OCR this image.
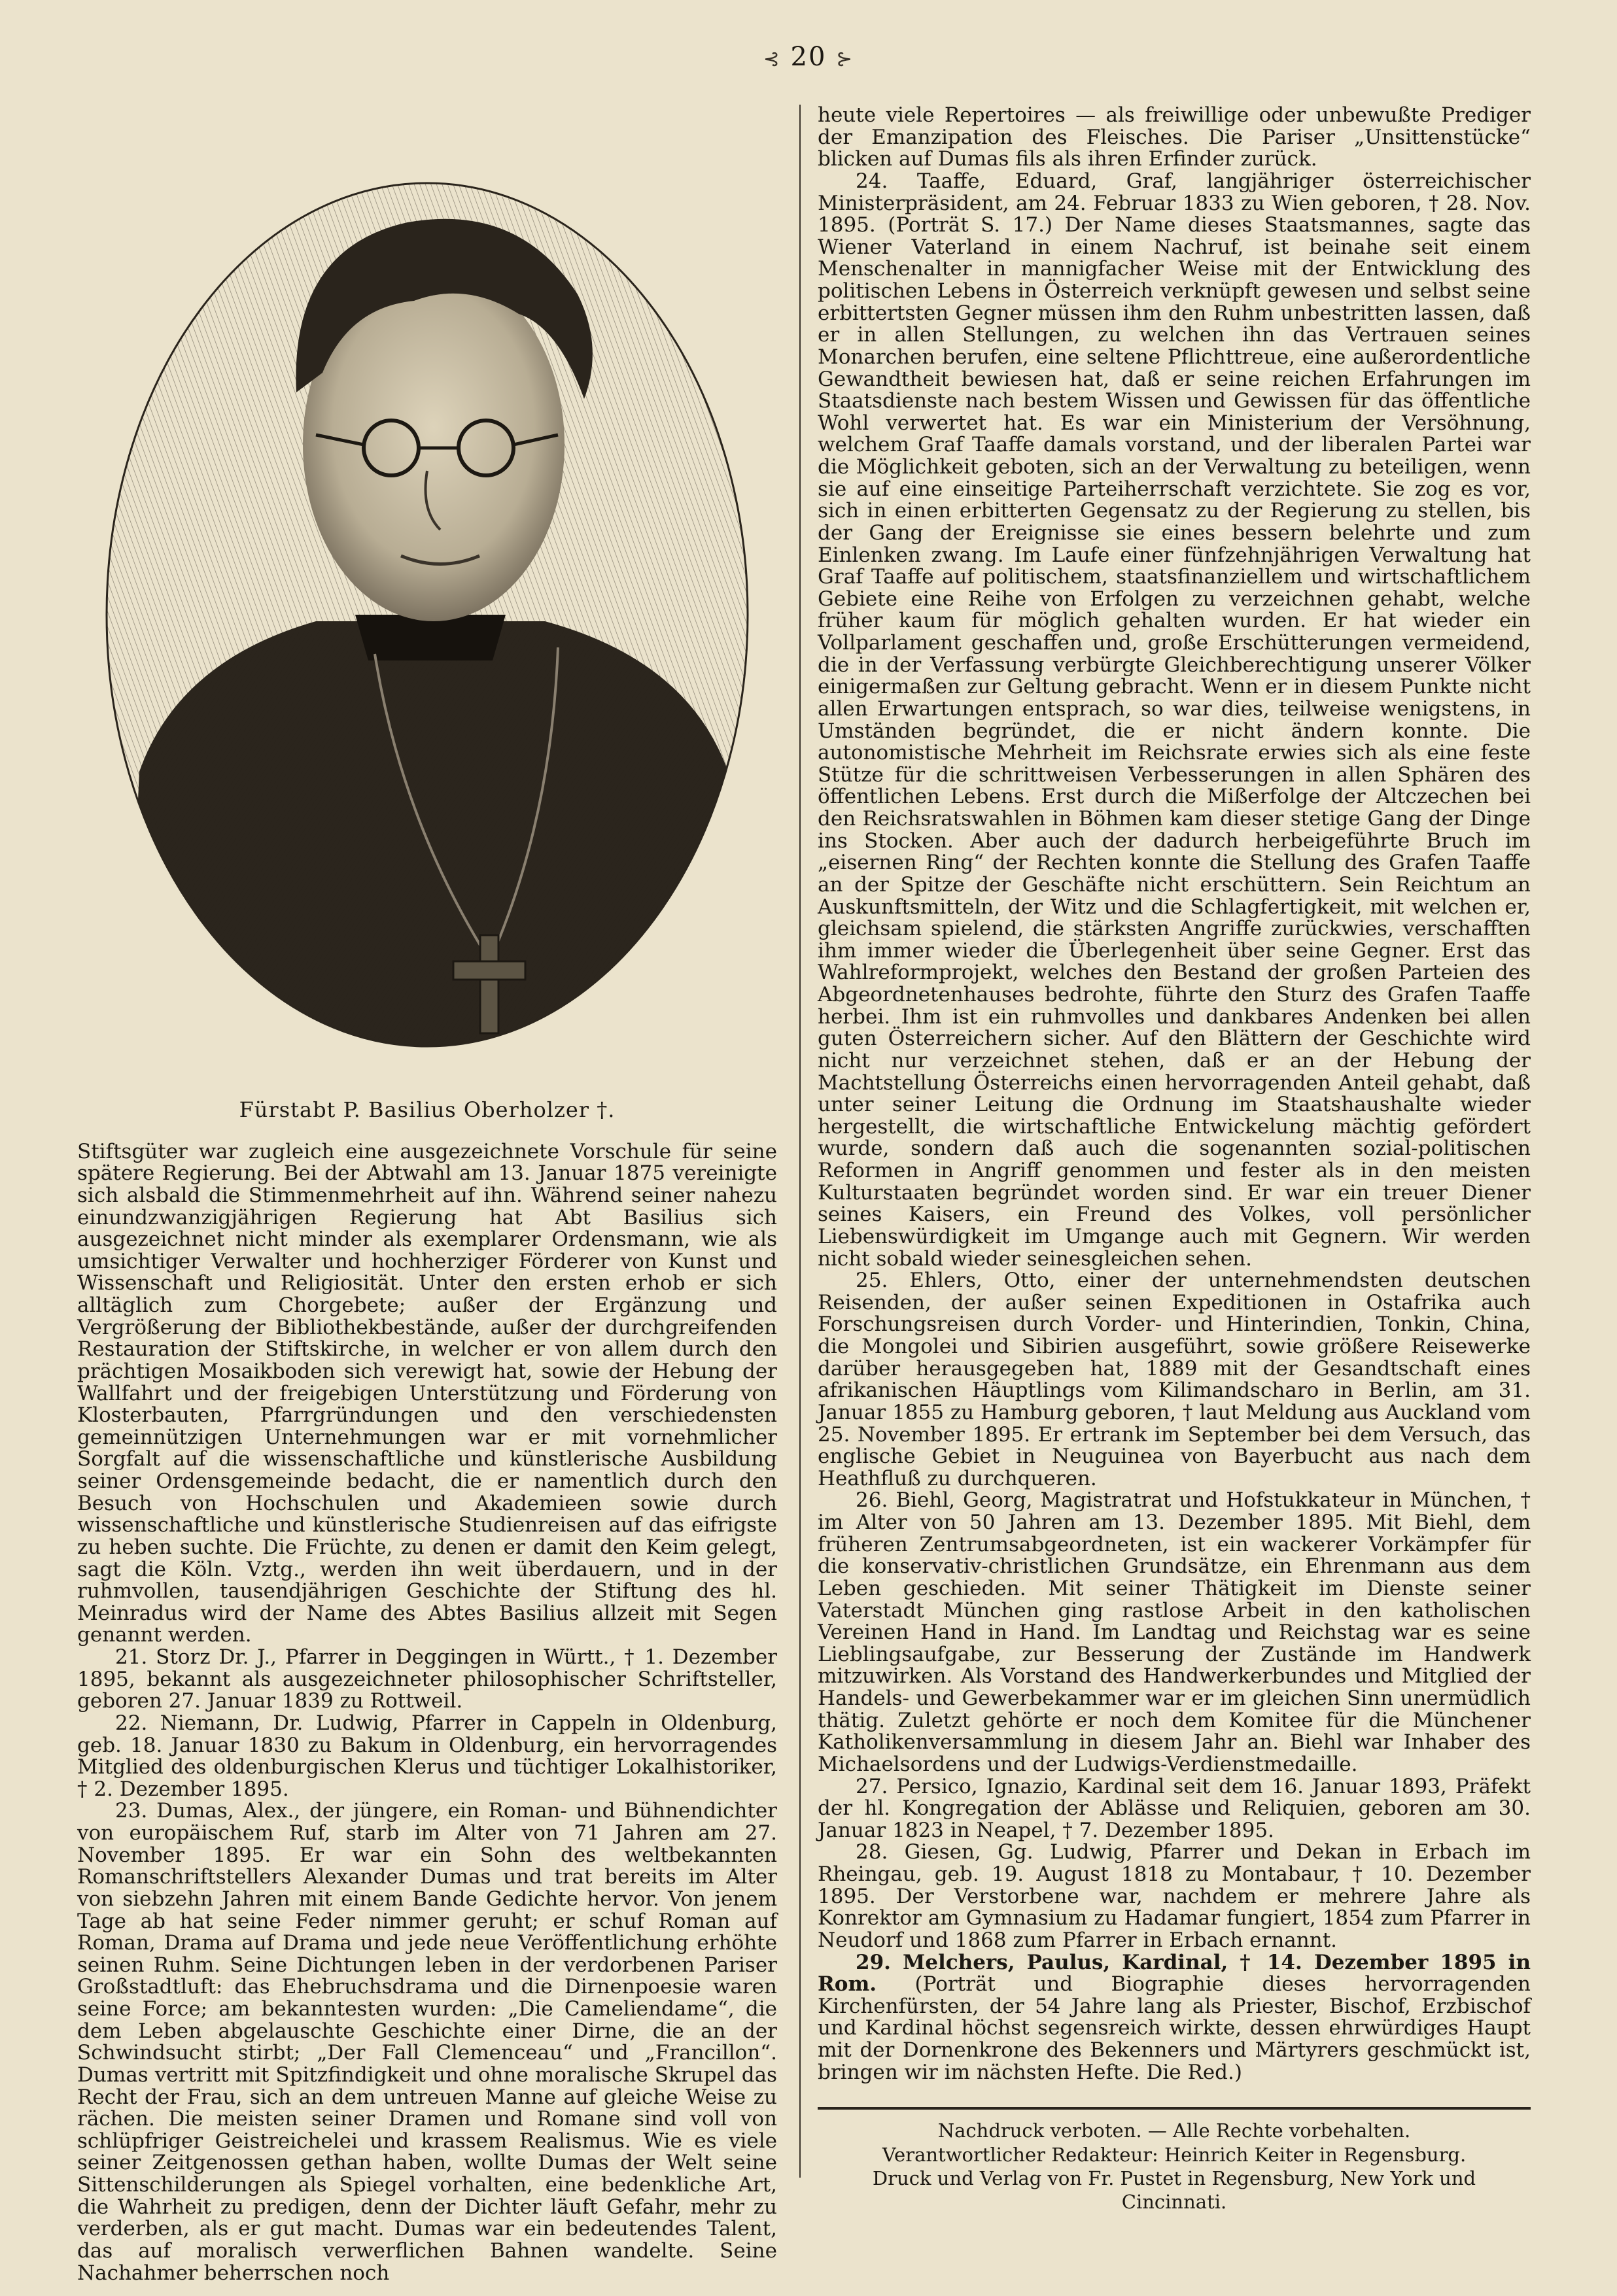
⊰ 20 ⊱
Fürstabt P. Basilius Oberholzer †.

Stiftsgüter war zugleich eine ausgezeichnete Vorschule für seine spätere Regierung. Bei der Abtwahl am 13. Januar 1875 vereinigte sich alsbald die Stimmenmehrheit auf ihn. Während seiner nahezu einundzwanzigjährigen Regierung hat Abt Basilius sich ausgezeichnet nicht minder als exemplarer Ordensmann, wie als umsichtiger Verwalter und hochherziger Förderer von Kunst und Wissenschaft und Religiosität. Unter den ersten erhob er sich alltäglich zum Chorgebete; außer der Ergänzung und Vergrößerung der Bibliothekbestände, außer der durchgreifenden Restauration der Stiftskirche, in welcher er von allem durch den prächtigen Mosaikboden sich verewigt hat, sowie der Hebung der Wallfahrt und der freigebigen Unterstützung und Förderung von Klosterbauten, Pfarrgründungen und den verschiedensten gemeinnützigen Unternehmungen war er mit vornehmlicher Sorgfalt auf die wissenschaftliche und künstlerische Ausbildung seiner Ordensgemeinde bedacht, die er namentlich durch den Besuch von Hochschulen und Akademieen sowie durch wissenschaftliche und künstlerische Studienreisen auf das eifrigste zu heben suchte. Die Früchte, zu denen er damit den Keim gelegt, sagt die Köln. Vztg., werden ihn weit überdauern, und in der ruhmvollen, tausendjährigen Geschichte der Stiftung des hl. Meinradus wird der Name des Abtes Basilius allzeit mit Segen genannt werden.

21. Storz Dr. J., Pfarrer in Deggingen in Württ., † 1. Dezember 1895, bekannt als ausgezeichneter philosophischer Schriftsteller, geboren 27. Januar 1839 zu Rottweil.

22. Niemann, Dr. Ludwig, Pfarrer in Cappeln in Oldenburg, geb. 18. Januar 1830 zu Bakum in Oldenburg, ein hervorragendes Mitglied des oldenburgischen Klerus und tüchtiger Lokalhistoriker, † 2. Dezember 1895.

23. Dumas, Alex., der jüngere, ein Roman- und Bühnendichter von europäischem Ruf, starb im Alter von 71 Jahren am 27. November 1895. Er war ein Sohn des weltbekannten Romanschriftstellers Alexander Dumas und trat bereits im Alter von siebzehn Jahren mit einem Bande Gedichte hervor. Von jenem Tage ab hat seine Feder nimmer geruht; er schuf Roman auf Roman, Drama auf Drama und jede neue Veröffentlichung erhöhte seinen Ruhm. Seine Dichtungen leben in der verdorbenen Pariser Großstadtluft: das Ehebruchsdrama und die Dirnenpoesie waren seine Force; am bekanntesten wurden: „Die Cameliendame“, die dem Leben abgelauschte Geschichte einer Dirne, die an der Schwindsucht stirbt; „Der Fall Clemenceau“ und „Francillon“. Dumas vertritt mit Spitzfindigkeit und ohne moralische Skrupel das Recht der Frau, sich an dem untreuen Manne auf gleiche Weise zu rächen. Die meisten seiner Dramen und Romane sind voll von schlüpfriger Geistreichelei und krassem Realismus. Wie es viele seiner Zeitgenossen gethan haben, wollte Dumas der Welt seine Sittenschilderungen als Spiegel vorhalten, eine bedenkliche Art, die Wahrheit zu predigen, denn der Dichter läuft Gefahr, mehr zu verderben, als er gut macht. Dumas war ein bedeutendes Talent, das auf moralisch verwerflichen Bahnen wandelte. Seine Nachahmer beherrschen noch

heute viele Repertoires — als freiwillige oder unbewußte Prediger der Emanzipation des Fleisches. Die Pariser „Unsittenstücke“ blicken auf Dumas fils als ihren Erfinder zurück.

24. Taaffe, Eduard, Graf, langjähriger österreichischer Ministerpräsident, am 24. Februar 1833 zu Wien geboren, † 28. Nov. 1895. (Porträt S. 17.) Der Name dieses Staatsmannes, sagte das Wiener Vaterland in einem Nachruf, ist beinahe seit einem Menschenalter in mannigfacher Weise mit der Entwicklung des politischen Lebens in Österreich verknüpft gewesen und selbst seine erbittertsten Gegner müssen ihm den Ruhm unbestritten lassen, daß er in allen Stellungen, zu welchen ihn das Vertrauen seines Monarchen berufen, eine seltene Pflichttreue, eine außerordentliche Gewandtheit bewiesen hat, daß er seine reichen Erfahrungen im Staatsdienste nach bestem Wissen und Gewissen für das öffentliche Wohl verwertet hat. Es war ein Ministerium der Versöhnung, welchem Graf Taaffe damals vorstand, und der liberalen Partei war die Möglichkeit geboten, sich an der Verwaltung zu beteiligen, wenn sie auf eine einseitige Parteiherrschaft verzichtete. Sie zog es vor, sich in einen erbitterten Gegensatz zu der Regierung zu stellen, bis der Gang der Ereignisse sie eines bessern belehrte und zum Einlenken zwang. Im Laufe einer fünfzehnjährigen Verwaltung hat Graf Taaffe auf politischem, staatsfinanziellem und wirtschaftlichem Gebiete eine Reihe von Erfolgen zu verzeichnen gehabt, welche früher kaum für möglich gehalten wurden. Er hat wieder ein Vollparlament geschaffen und, große Erschütterungen vermeidend, die in der Verfassung verbürgte Gleichberechtigung unserer Völker einigermaßen zur Geltung gebracht. Wenn er in diesem Punkte nicht allen Erwartungen entsprach, so war dies, teilweise wenigstens, in Umständen begründet, die er nicht ändern konnte. Die autonomistische Mehrheit im Reichsrate erwies sich als eine feste Stütze für die schrittweisen Verbesserungen in allen Sphären des öffentlichen Lebens. Erst durch die Mißerfolge der Altczechen bei den Reichsratswahlen in Böhmen kam dieser stetige Gang der Dinge ins Stocken. Aber auch der dadurch herbeigeführte Bruch im „eisernen Ring“ der Rechten konnte die Stellung des Grafen Taaffe an der Spitze der Geschäfte nicht erschüttern. Sein Reichtum an Auskunftsmitteln, der Witz und die Schlagfertigkeit, mit welchen er, gleichsam spielend, die stärksten Angriffe zurückwies, verschafften ihm immer wieder die Überlegenheit über seine Gegner. Erst das Wahlreformprojekt, welches den Bestand der großen Parteien des Abgeordnetenhauses bedrohte, führte den Sturz des Grafen Taaffe herbei. Ihm ist ein ruhmvolles und dankbares Andenken bei allen guten Österreichern sicher. Auf den Blättern der Geschichte wird nicht nur verzeichnet stehen, daß er an der Hebung der Machtstellung Österreichs einen hervorragenden Anteil gehabt, daß unter seiner Leitung die Ordnung im Staatshaushalte wieder hergestellt, die wirtschaftliche Entwickelung mächtig gefördert wurde, sondern daß auch die sogenannten sozial-politischen Reformen in Angriff genommen und fester als in den meisten Kulturstaaten begründet worden sind. Er war ein treuer Diener seines Kaisers, ein Freund des Volkes, voll persönlicher Liebenswürdigkeit im Umgange auch mit Gegnern. Wir werden nicht sobald wieder seinesgleichen sehen.

25. Ehlers, Otto, einer der unternehmendsten deutschen Reisenden, der außer seinen Expeditionen in Ostafrika auch Forschungsreisen durch Vorder- und Hinterindien, Tonkin, China, die Mongolei und Sibirien ausgeführt, sowie größere Reisewerke darüber herausgegeben hat, 1889 mit der Gesandtschaft eines afrikanischen Häuptlings vom Kilimandscharo in Berlin, am 31. Januar 1855 zu Hamburg geboren, † laut Meldung aus Auckland vom 25. November 1895. Er ertrank im September bei dem Versuch, das englische Gebiet in Neuguinea von Bayerbucht aus nach dem Heathfluß zu durchqueren.

26. Biehl, Georg, Magistratrat und Hofstukkateur in München, † im Alter von 50 Jahren am 13. Dezember 1895. Mit Biehl, dem früheren Zentrumsabgeordneten, ist ein wackerer Vorkämpfer für die konservativ-christlichen Grundsätze, ein Ehrenmann aus dem Leben geschieden. Mit seiner Thätigkeit im Dienste seiner Vaterstadt München ging rastlose Arbeit in den katholischen Vereinen Hand in Hand. Im Landtag und Reichstag war es seine Lieblingsaufgabe, zur Besserung der Zustände im Handwerk mitzuwirken. Als Vorstand des Handwerkerbundes und Mitglied der Handels- und Gewerbekammer war er im gleichen Sinn unermüdlich thätig. Zuletzt gehörte er noch dem Komitee für die Münchener Katholikenversammlung in diesem Jahr an. Biehl war Inhaber des Michaelsordens und der Ludwigs-Verdienstmedaille.

27. Persico, Ignazio, Kardinal seit dem 16. Januar 1893, Präfekt der hl. Kongregation der Ablässe und Reliquien, geboren am 30. Januar 1823 in Neapel, † 7. Dezember 1895.

28. Giesen, Gg. Ludwig, Pfarrer und Dekan in Erbach im Rheingau, geb. 19. August 1818 zu Montabaur, † 10. Dezember 1895. Der Verstorbene war, nachdem er mehrere Jahre als Konrektor am Gymnasium zu Hadamar fungiert, 1854 zum Pfarrer in Neudorf und 1868 zum Pfarrer in Erbach ernannt.

29. Melchers, Paulus, Kardinal, † 14. Dezember 1895 in Rom. (Porträt und Biographie dieses hervorragenden Kirchenfürsten, der 54 Jahre lang als Priester, Bischof, Erzbischof und Kardinal höchst segensreich wirkte, dessen ehrwürdiges Haupt mit der Dornenkrone des Bekenners und Märtyrers geschmückt ist, bringen wir im nächsten Hefte. Die Red.)

Nachdruck verboten. — Alle Rechte vorbehalten.
Verantwortlicher Redakteur: Heinrich Keiter in Regensburg.
Druck und Verlag von Fr. Pustet in Regensburg, New York und Cincinnati.
